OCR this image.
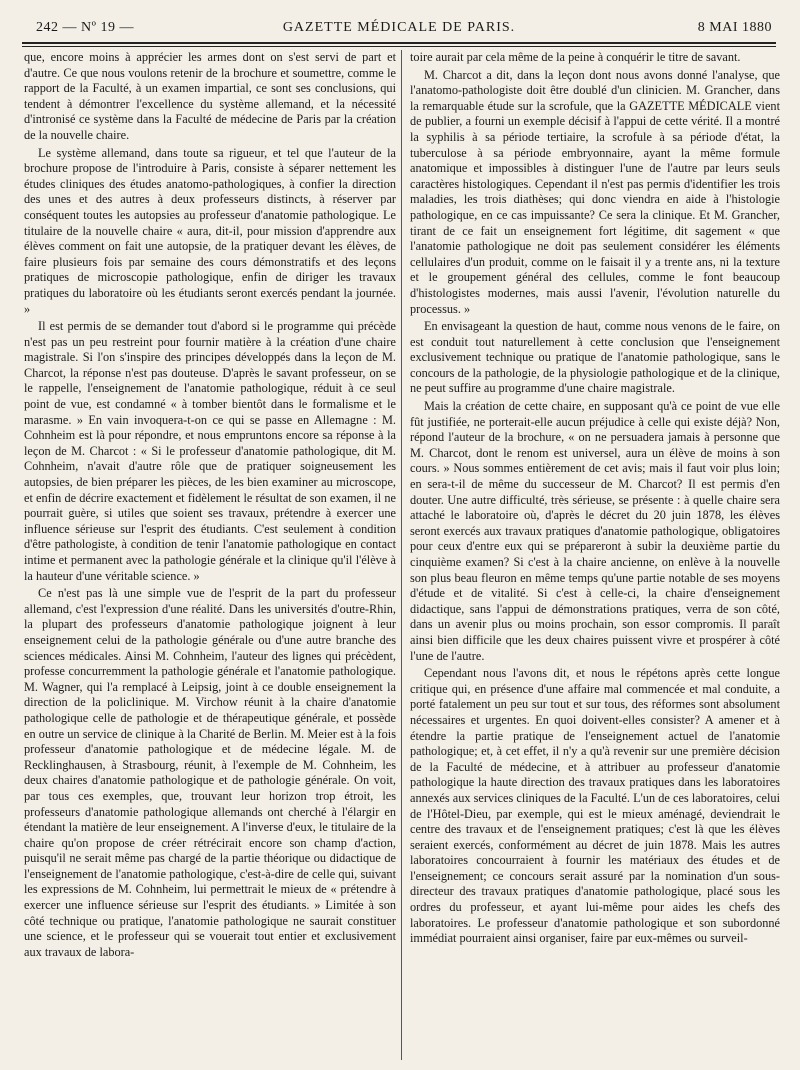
242 — Nº 19 —	GAZETTE MÉDICALE DE PARIS.	8 MAI 1880

que, encore moins à apprécier les armes dont on s'est servi de part et d'autre. Ce que nous voulons retenir de la brochure et soumettre, comme le rapport de la Faculté, à un examen impartial, ce sont ses conclusions, qui tendent à démontrer l'excellence du système allemand, et la nécessité d'intronisé ce système dans la Faculté de médecine de Paris par la création de la nouvelle chaire.

Le système allemand, dans toute sa rigueur, et tel que l'auteur de la brochure propose de l'introduire à Paris, consiste à séparer nettement les études cliniques des études anatomo-pathologiques, à confier la direction des unes et des autres à deux professeurs distincts, à réserver par conséquent toutes les autopsies au professeur d'anatomie pathologique. Le titulaire de la nouvelle chaire « aura, dit-il, pour mission d'apprendre aux élèves comment on fait une autopsie, de la pratiquer devant les élèves, de faire plusieurs fois par semaine des cours démonstratifs et des leçons pratiques de microscopie pathologique, enfin de diriger les travaux pratiques du laboratoire où les étudiants seront exercés pendant la journée. »

Il est permis de se demander tout d'abord si le programme qui précède n'est pas un peu restreint pour fournir matière à la création d'une chaire magistrale. Si l'on s'inspire des principes développés dans la leçon de M. Charcot, la réponse n'est pas douteuse. D'après le savant professeur, on se le rappelle, l'enseignement de l'anatomie pathologique, réduit à ce seul point de vue, est condamné « à tomber bientôt dans le formalisme et le marasme. » En vain invoquera-t-on ce qui se passe en Allemagne : M. Cohnheim est là pour répondre, et nous empruntons encore sa réponse à la leçon de M. Charcot : « Si le professeur d'anatomie pathologique, dit M. Cohnheim, n'avait d'autre rôle que de pratiquer soigneusement les autopsies, de bien préparer les pièces, de les bien examiner au microscope, et enfin de décrire exactement et fidèlement le résultat de son examen, il ne pourrait guère, si utiles que soient ses travaux, prétendre à exercer une influence sérieuse sur l'esprit des étudiants. C'est seulement à condition d'être pathologiste, à condition de tenir l'anatomie pathologique en contact intime et permanent avec la pathologie générale et la clinique qu'il l'élève à la hauteur d'une véritable science. »

Ce n'est pas là une simple vue de l'esprit de la part du professeur allemand, c'est l'expression d'une réalité. Dans les universités d'outre-Rhin, la plupart des professeurs d'anatomie pathologique joignent à leur enseignement celui de la pathologie générale ou d'une autre branche des sciences médicales. Ainsi M. Cohnheim, l'auteur des lignes qui précèdent, professe concurremment la pathologie générale et l'anatomie pathologique. M. Wagner, qui l'a remplacé à Leipsig, joint à ce double enseignement la direction de la policlinique. M. Virchow réunit à la chaire d'anatomie pathologique celle de pathologie et de thérapeutique générale, et possède en outre un service de clinique à la Charité de Berlin. M. Meier est à la fois professeur d'anatomie pathologique et de médecine légale. M. de Recklinghausen, à Strasbourg, réunit, à l'exemple de M. Cohnheim, les deux chaires d'anatomie pathologique et de pathologie générale. On voit, par tous ces exemples, que, trouvant leur horizon trop étroit, les professeurs d'anatomie pathologique allemands ont cherché à l'élargir en étendant la matière de leur enseignement. A l'inverse d'eux, le titulaire de la chaire qu'on propose de créer rétrécirait encore son champ d'action, puisqu'il ne serait même pas chargé de la partie théorique ou didactique de l'enseignement de l'anatomie pathologique, c'est-à-dire de celle qui, suivant les expressions de M. Cohnheim, lui permettrait le mieux de « prétendre à exercer une influence sérieuse sur l'esprit des étudiants. » Limitée à son côté technique ou pratique, l'anatomie pathologique ne saurait constituer une science, et le professeur qui se vouerait tout entier et exclusivement aux travaux de labora-

toire aurait par cela même de la peine à conquérir le titre de savant.

M. Charcot a dit, dans la leçon dont nous avons donné l'analyse, que l'anatomo-pathologiste doit être doublé d'un clinicien. M. Grancher, dans la remarquable étude sur la scrofule, que la GAZETTE MÉDICALE vient de publier, a fourni un exemple décisif à l'appui de cette vérité. Il a montré la syphilis à sa période tertiaire, la scrofule à sa période d'état, la tuberculose à sa période embryonnaire, ayant la même formule anatomique et impossibles à distinguer l'une de l'autre par leurs seuls caractères histologiques. Cependant il n'est pas permis d'identifier les trois maladies, les trois diathèses; qui donc viendra en aide à l'histologie pathologique, en ce cas impuissante? Ce sera la clinique. Et M. Grancher, tirant de ce fait un enseignement fort légitime, dit sagement « que l'anatomie pathologique ne doit pas seulement considérer les éléments cellulaires d'un produit, comme on le faisait il y a trente ans, ni la texture et le groupement général des cellules, comme le font beaucoup d'histologistes modernes, mais aussi l'avenir, l'évolution naturelle du processus. »

En envisageant la question de haut, comme nous venons de le faire, on est conduit tout naturellement à cette conclusion que l'enseignement exclusivement technique ou pratique de l'anatomie pathologique, sans le concours de la pathologie, de la physiologie pathologique et de la clinique, ne peut suffire au programme d'une chaire magistrale.

Mais la création de cette chaire, en supposant qu'à ce point de vue elle fût justifiée, ne porterait-elle aucun préjudice à celle qui existe déjà? Non, répond l'auteur de la brochure, « on ne persuadera jamais à personne que M. Charcot, dont le renom est universel, aura un élève de moins à son cours. » Nous sommes entièrement de cet avis; mais il faut voir plus loin; en sera-t-il de même du successeur de M. Charcot? Il est permis d'en douter. Une autre difficulté, très sérieuse, se présente : à quelle chaire sera attaché le laboratoire où, d'après le décret du 20 juin 1878, les élèves seront exercés aux travaux pratiques d'anatomie pathologique, obligatoires pour ceux d'entre eux qui se prépareront à subir la deuxième partie du cinquième examen? Si c'est à la chaire ancienne, on enlève à la nouvelle son plus beau fleuron en même temps qu'une partie notable de ses moyens d'étude et de vitalité. Si c'est à celle-ci, la chaire d'enseignement didactique, sans l'appui de démonstrations pratiques, verra de son côté, dans un avenir plus ou moins prochain, son essor compromis. Il paraît ainsi bien difficile que les deux chaires puissent vivre et prospérer à côté l'une de l'autre.

Cependant nous l'avons dit, et nous le répétons après cette longue critique qui, en présence d'une affaire mal commencée et mal conduite, a porté fatalement un peu sur tout et sur tous, des réformes sont absolument nécessaires et urgentes. En quoi doivent-elles consister? A amener et à étendre la partie pratique de l'enseignement actuel de l'anatomie pathologique; et, à cet effet, il n'y a qu'à revenir sur une première décision de la Faculté de médecine, et à attribuer au professeur d'anatomie pathologique la haute direction des travaux pratiques dans les laboratoires annexés aux services cliniques de la Faculté. L'un de ces laboratoires, celui de l'Hôtel-Dieu, par exemple, qui est le mieux aménagé, deviendrait le centre des travaux et de l'enseignement pratiques; c'est là que les élèves seraient exercés, conformément au décret de juin 1878. Mais les autres laboratoires concourraient à fournir les matériaux des études et de l'enseignement; ce concours serait assuré par la nomination d'un sous-directeur des travaux pratiques d'anatomie pathologique, placé sous les ordres du professeur, et ayant lui-même pour aides les chefs des laboratoires. Le professeur d'anatomie pathologique et son subordonné immédiat pourraient ainsi organiser, faire par eux-mêmes ou surveil-
